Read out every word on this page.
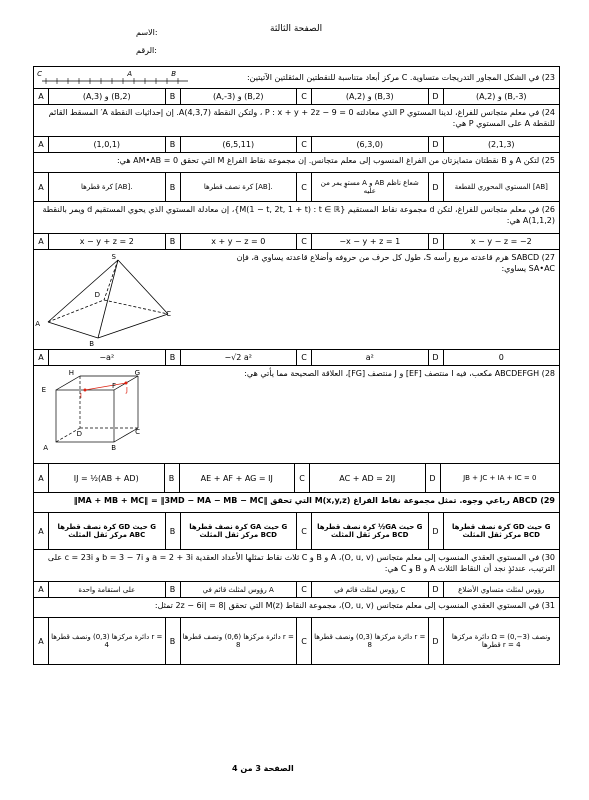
الصفحة الثالثة
الاسم:
الرقم:
23) في الشكل المجاور التدريجات متساوية. C مركز أبعاد متناسبة للنقطتين المثقلتين الآتيتين:
C	A	B
A	(A,3) و (B,2)	B	(A,-3) و (B,2)	C	(A,2) و (B,3)	D	(A,2) و (B,-3)
24) في معلم متجانس للفراغ، لدينا المستوي P الذي معادلته P : x + y + 2z − 9 = 0 ، ولتكن النقطة A(4,3,7). إن إحداثيات النقطة A′ المسقط القائم للنقطة A على المستوي P هي:
A	(1,0,1)	B	(6,5,11)	C	(6,3,0)	D	(2,1,3)
25) لتكن A و B نقطتان متمايزتان من الفراغ المنسوب إلى معلم متجانس. إن مجموعة نقاط الفراغ M التي تحقق AM•AB = 0 هي:
A	كرة قطرها [AB].	B	كرة نصف قطرها [AB].	C	مستوٍ يمر من A و AB شعاع ناظم عليه	D	المستوي المحوري للقطعة [AB]
26) في معلم متجانس للفراغ، لتكن d مجموعة نقاط المستقيم {M(1 − t, 2t, 1 + t) : t ∈ ℝ}، إن معادلة المستوي الذي يحوي المستقيم d ويمر بالنقطة A(1,1,2) هي:
A	x − y + z = 2	B	x + y − z = 0	C	−x − y + z = 1	D	x − y − z = −2
27) SABCD هرم قاعدته مربع رأسه S، طول كل حرف من حروفه وأضلاع قاعدته يساوي a، فإن SA•AC يساوي:
S
A
B
C
D
A	−a²	B	−√2 a²	C	a²	D	0
28) ABCDEFGH مكعب، فيه I منتصف [EF] و J منتصف [FG]، العلاقة الصحيحة مما يأتي هي:
H	G
E	F
I
J
D	C
A	B
A	IJ = ½(AB + AD)	B	AE + AF + AG = IJ	C	AC + AD = 2IJ	D	JB + JC + IA + IC = 0
29) ABCD رباعي وجوه. تمثل مجموعة نقاط الفراغ M(x,y,z) التي تحقق ‖MA + MB + MC‖ = ‖3MD − MA − MB − MC‖
A	كرة نصف قطرها GD حيث G مركز ثقل المثلث ABC	B	كرة نصف قطرها GA حيث G مركز ثقل المثلث BCD	C	كرة نصف قطرها ½GA حيث G مركز ثقل المثلث BCD	D	كرة نصف قطرها GD حيث G مركز ثقل المثلث BCD
30) في المستوي العقدي المنسوب إلى معلم متجانس (O, u, v)، A و B و C ثلاث نقاط تمثلها الأعداد العقدية a = 2 + 3i و b = 3 − 7i و c = 23i على الترتيب، عندئذٍ نجد أن النقاط الثلاث A و B و C هي:
A	على استقامة واحدة	B	رؤوس لمثلث قائم في A	C	رؤوس لمثلث قائم في C	D	رؤوس لمثلث متساوي الأضلاع
31) في المستوي العقدي المنسوب إلى معلم متجانس (O, u, v)، مجموعة النقاط M(z) التي تحقق |2z − 6i| = 8 تمثل:
A	دائرة مركزها (0,3) ونصف قطرها r = 4	B	دائرة مركزها (0,6) ونصف قطرها r = 8	C	دائرة مركزها (0,3) ونصف قطرها r = 8	D	دائرة مركزها Ω = (0,−3) ونصف قطرها r = 4
الصفحة 3 من 4
